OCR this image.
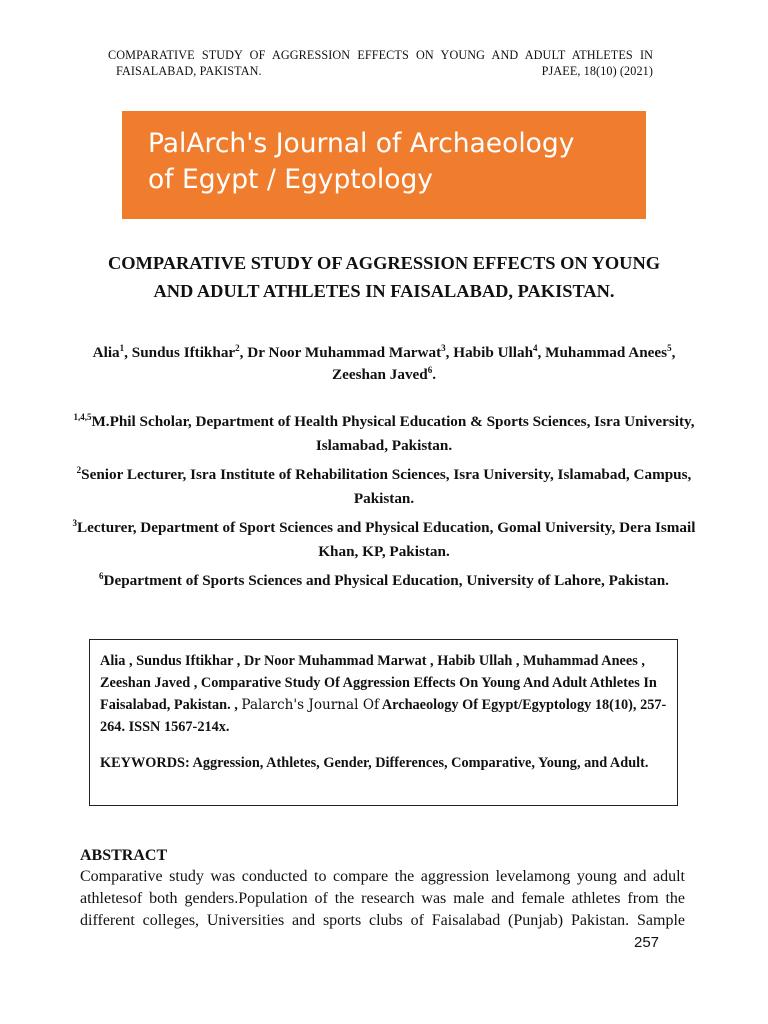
COMPARATIVE STUDY OF AGGRESSION EFFECTS ON YOUNG AND ADULT ATHLETES IN
FAISALABAD, PAKISTAN.	PJAEE, 18(10) (2021)
PalArch's Journal of Archaeology
of Egypt / Egyptology
COMPARATIVE STUDY OF AGGRESSION EFFECTS ON YOUNG
AND ADULT ATHLETES IN FAISALABAD, PAKISTAN.
Alia$^1$, Sundus Iftikhar$^2$, Dr Noor Muhammad Marwat$^3$, Habib Ullah$^4$, Muhammad Anees$^5$, Zeeshan Javed$^6$.
$^{1,4,5}$M.Phil Scholar, Department of Health Physical Education & Sports Sciences, Isra University, Islamabad, Pakistan.
$^2$Senior Lecturer, Isra Institute of Rehabilitation Sciences, Isra University, Islamabad, Campus, Pakistan.
$^3$Lecturer, Department of Sport Sciences and Physical Education, Gomal University, Dera Ismail Khan, KP, Pakistan.
$^6$Department of Sports Sciences and Physical Education, University of Lahore, Pakistan.

Alia , Sundus Iftikhar , Dr Noor Muhammad Marwat , Habib Ullah , Muhammad Anees , Zeeshan Javed , Comparative Study Of Aggression Effects On Young And Adult Athletes In Faisalabad, Pakistan. , Palarch's Journal Of Archaeology Of Egypt/Egyptology 18(10), 257-264. ISSN 1567-214x.

KEYWORDS: Aggression, Athletes, Gender, Differences, Comparative, Young, and Adult.

ABSTRACT

Comparative study was conducted to compare the aggression levelamong young and adult athletesof both genders.Population of the research was male and female athletes from the different colleges, Universities and sports clubs of Faisalabad (Punjab) Pakistan. Sample

257
